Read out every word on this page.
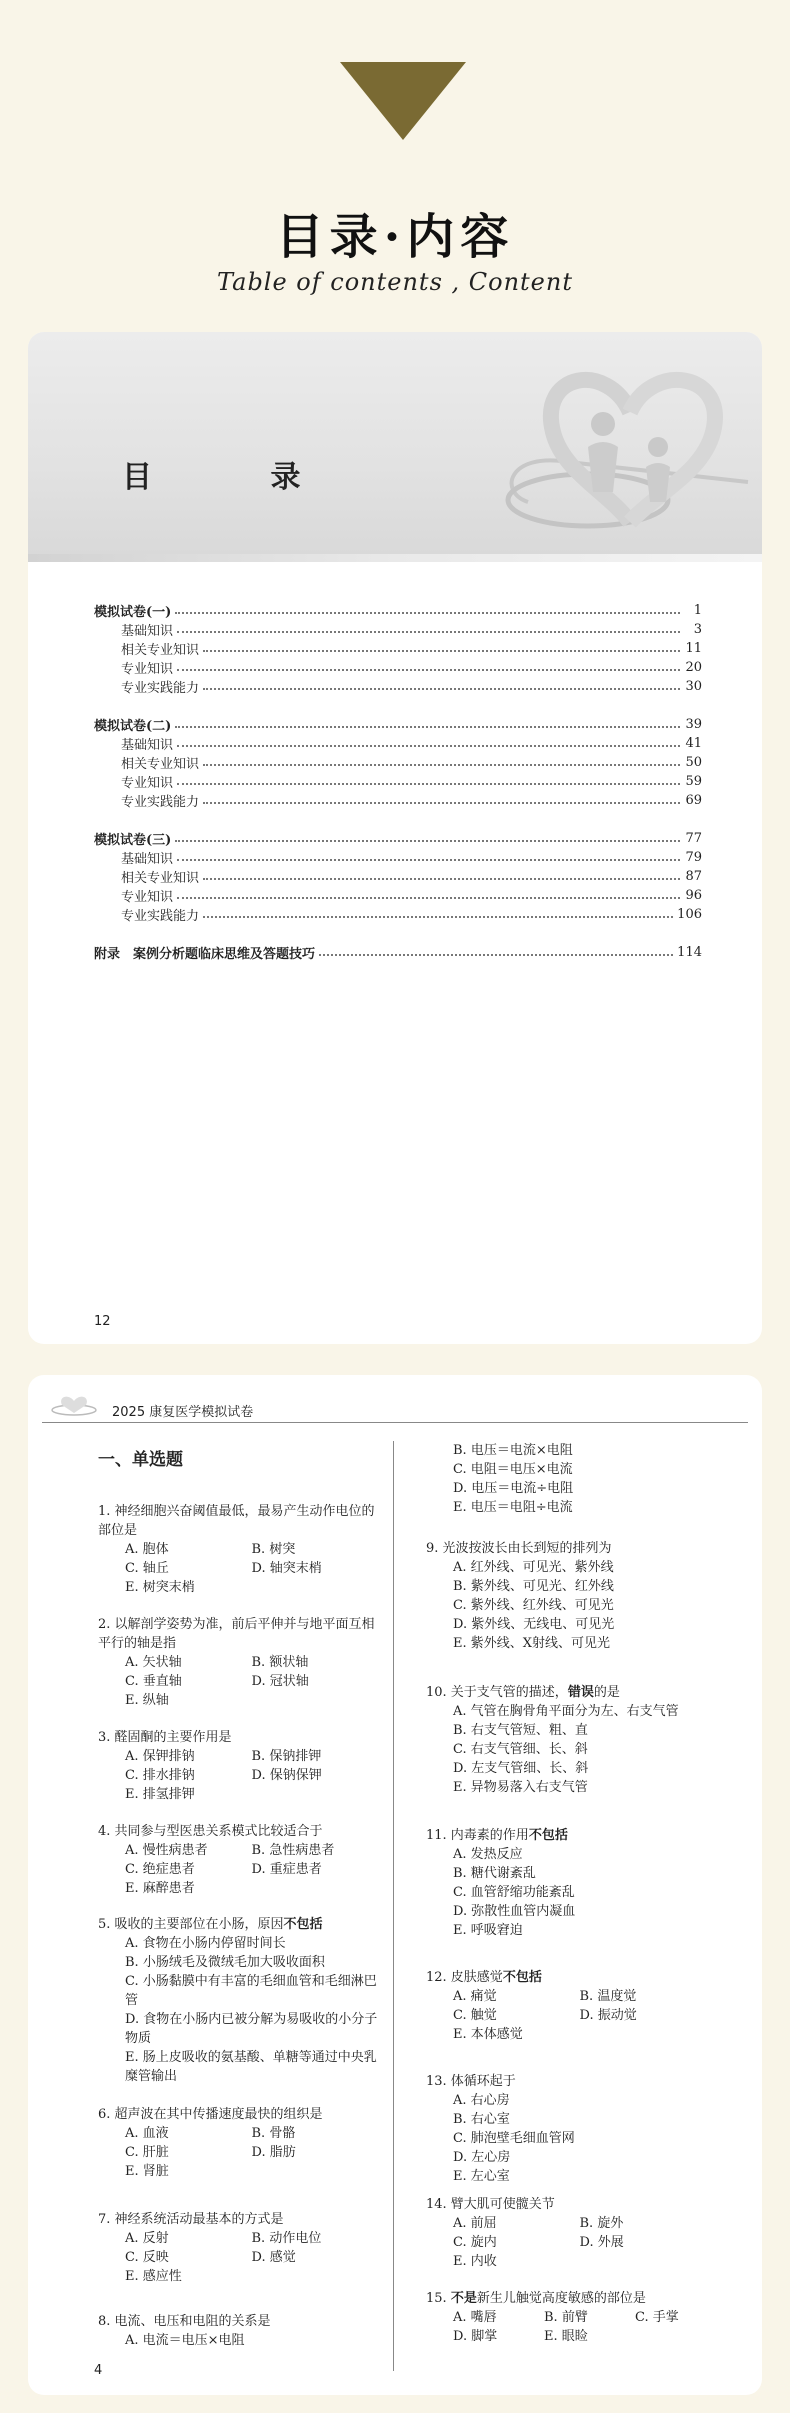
目录·内容
Table of contents , Content
目 录
模拟试卷(一)	1
基础知识	3
相关专业知识	11
专业知识	20
专业实践能力	30
模拟试卷(二)	39
基础知识	41
相关专业知识	50
专业知识	59
专业实践能力	69
模拟试卷(三)	77
基础知识	79
相关专业知识	87
专业知识	96
专业实践能力	106
附录　案例分析题临床思维及答题技巧	114
12
2025 康复医学模拟试卷
一、单选题
1. 神经细胞兴奋阈值最低，最易产生动作电位的部位是
A. 胞体	B. 树突
C. 轴丘	D. 轴突末梢
E. 树突末梢
2. 以解剖学姿势为准，前后平伸并与地平面互相平行的轴是指
A. 矢状轴	B. 额状轴
C. 垂直轴	D. 冠状轴
E. 纵轴
3. 醛固酮的主要作用是
A. 保钾排钠	B. 保钠排钾
C. 排水排钠	D. 保钠保钾
E. 排氢排钾
4. 共同参与型医患关系模式比较适合于
A. 慢性病患者	B. 急性病患者
C. 绝症患者	D. 重症患者
E. 麻醉患者
5. 吸收的主要部位在小肠，原因不包括
A. 食物在小肠内停留时间长
B. 小肠绒毛及微绒毛加大吸收面积
C. 小肠黏膜中有丰富的毛细血管和毛细淋巴管
D. 食物在小肠内已被分解为易吸收的小分子物质
E. 肠上皮吸收的氨基酸、单糖等通过中央乳糜管输出
6. 超声波在其中传播速度最快的组织是
A. 血液	B. 骨骼
C. 肝脏	D. 脂肪
E. 肾脏
7. 神经系统活动最基本的方式是
A. 反射	B. 动作电位
C. 反映	D. 感觉
E. 感应性
8. 电流、电压和电阻的关系是
A. 电流＝电压×电阻
B. 电压＝电流×电阻
C. 电阻＝电压×电流
D. 电压＝电流÷电阻
E. 电压＝电阻÷电流
9. 光波按波长由长到短的排列为
A. 红外线、可见光、紫外线
B. 紫外线、可见光、红外线
C. 紫外线、红外线、可见光
D. 紫外线、无线电、可见光
E. 紫外线、X射线、可见光
10. 关于支气管的描述，错误的是
A. 气管在胸骨角平面分为左、右支气管
B. 右支气管短、粗、直
C. 右支气管细、长、斜
D. 左支气管细、长、斜
E. 异物易落入右支气管
11. 内毒素的作用不包括
A. 发热反应
B. 糖代谢紊乱
C. 血管舒缩功能紊乱
D. 弥散性血管内凝血
E. 呼吸窘迫
12. 皮肤感觉不包括
A. 痛觉	B. 温度觉
C. 触觉	D. 振动觉
E. 本体感觉
13. 体循环起于
A. 右心房
B. 右心室
C. 肺泡壁毛细血管网
D. 左心房
E. 左心室
14. 臂大肌可使髋关节
A. 前屈	B. 旋外
C. 旋内	D. 外展
E. 内收
15. 不是新生儿触觉高度敏感的部位是
A. 嘴唇	B. 前臂	C. 手掌
D. 脚掌	E. 眼睑
4
